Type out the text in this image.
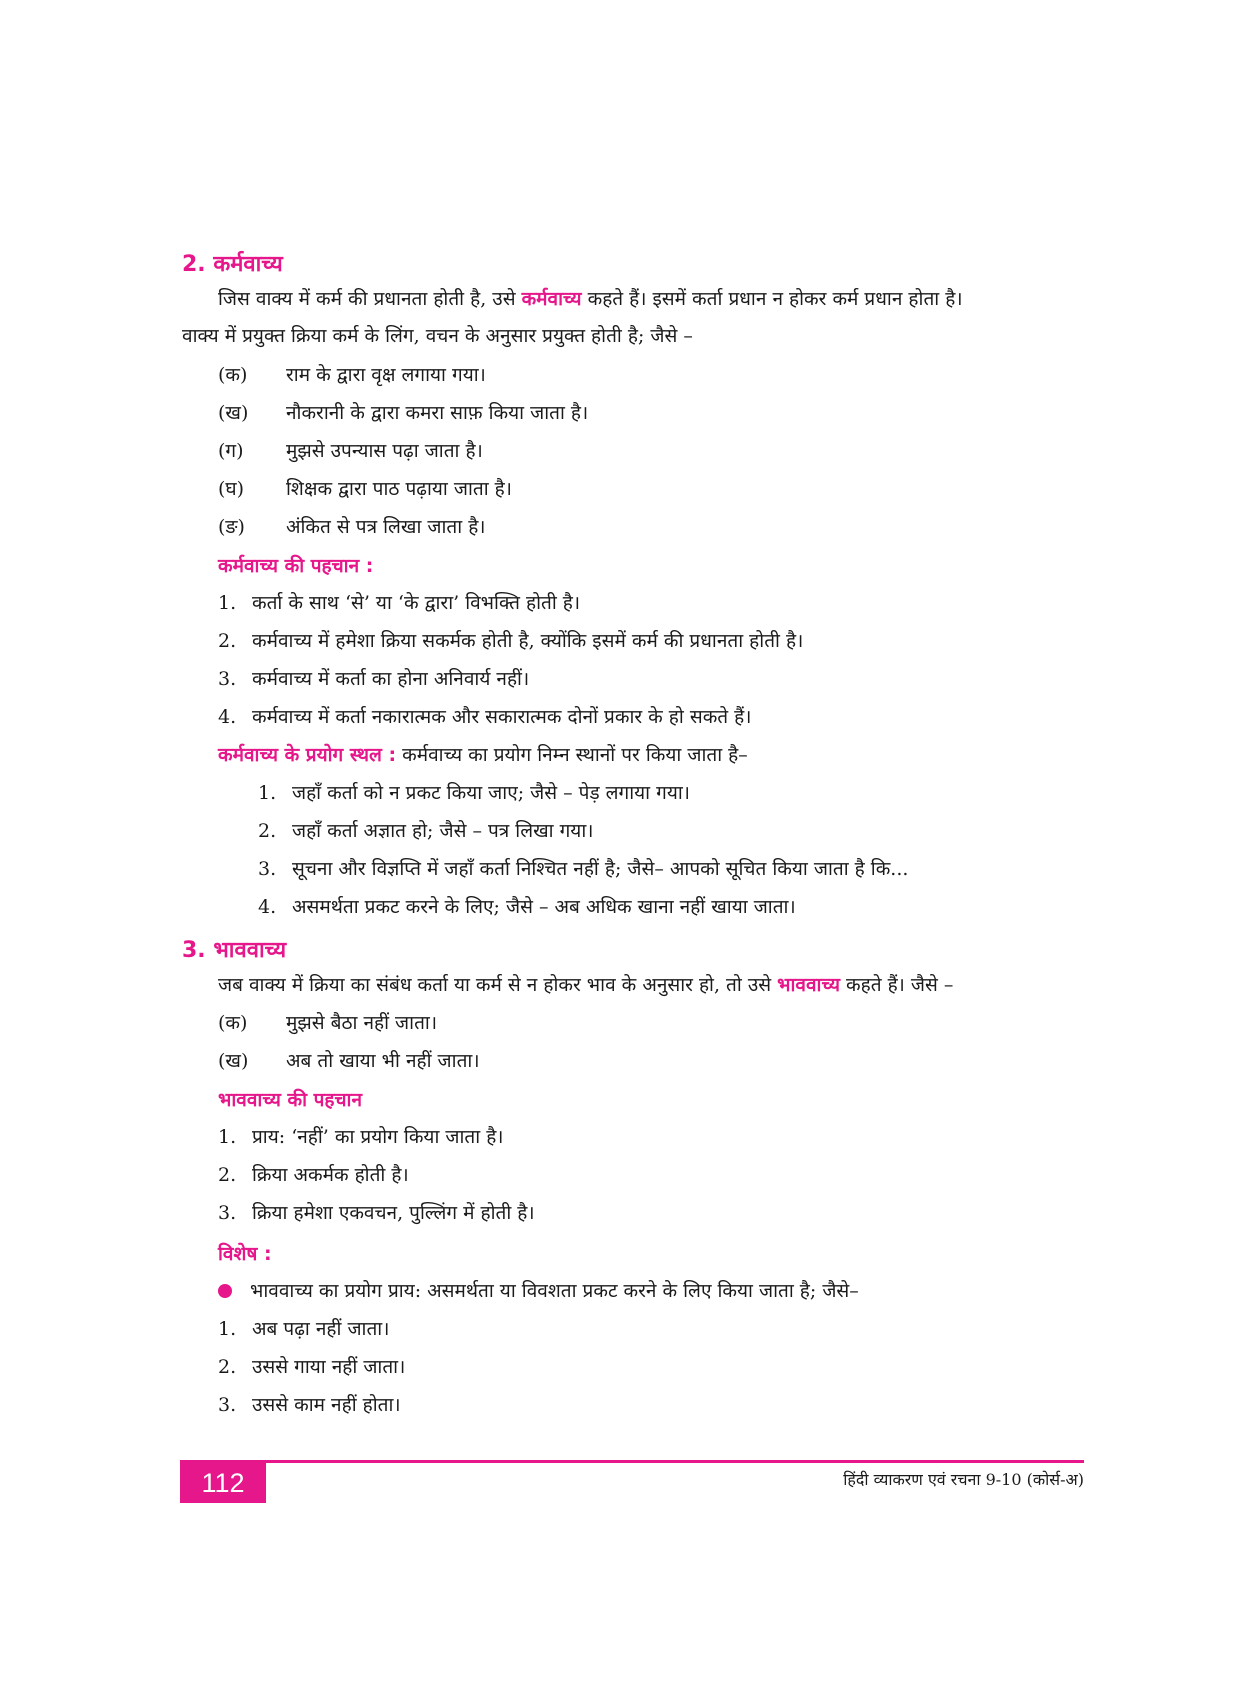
2. कर्मवाच्य
जिस वाक्य में कर्म की प्रधानता होती है, उसे कर्मवाच्य कहते हैं। इसमें कर्ता प्रधान न होकर कर्म प्रधान होता है।
वाक्य में प्रयुक्त क्रिया कर्म के लिंग, वचन के अनुसार प्रयुक्त होती है; जैसे –
(क) राम के द्वारा वृक्ष लगाया गया।
(ख) नौकरानी के द्वारा कमरा साफ़ किया जाता है।
(ग) मुझसे उपन्यास पढ़ा जाता है।
(घ) शिक्षक द्वारा पाठ पढ़ाया जाता है।
(ङ) अंकित से पत्र लिखा जाता है।
कर्मवाच्य की पहचान :
1. कर्ता के साथ ‘से’ या ‘के द्वारा’ विभक्ति होती है।
2. कर्मवाच्य में हमेशा क्रिया सकर्मक होती है, क्योंकि इसमें कर्म की प्रधानता होती है।
3. कर्मवाच्य में कर्ता का होना अनिवार्य नहीं।
4. कर्मवाच्य में कर्ता नकारात्मक और सकारात्मक दोनों प्रकार के हो सकते हैं।
कर्मवाच्य के प्रयोग स्थल : कर्मवाच्य का प्रयोग निम्न स्थानों पर किया जाता है–
1. जहाँ कर्ता को न प्रकट किया जाए; जैसे – पेड़ लगाया गया।
2. जहाँ कर्ता अज्ञात हो; जैसे – पत्र लिखा गया।
3. सूचना और विज्ञप्ति में जहाँ कर्ता निश्चित नहीं है; जैसे– आपको सूचित किया जाता है कि...
4. असमर्थता प्रकट करने के लिए; जैसे – अब अधिक खाना नहीं खाया जाता।
3. भाववाच्य
जब वाक्य में क्रिया का संबंध कर्ता या कर्म से न होकर भाव के अनुसार हो, तो उसे भाववाच्य कहते हैं। जैसे –
(क) मुझसे बैठा नहीं जाता।
(ख) अब तो खाया भी नहीं जाता।
भाववाच्य की पहचान
1. प्राय: ‘नहीं’ का प्रयोग किया जाता है।
2. क्रिया अकर्मक होती है।
3. क्रिया हमेशा एकवचन, पुल्लिंग में होती है।
विशेष :
भाववाच्य का प्रयोग प्राय: असमर्थता या विवशता प्रकट करने के लिए किया जाता है; जैसे–
1. अब पढ़ा नहीं जाता।
2. उससे गाया नहीं जाता।
3. उससे काम नहीं होता।
112	हिंदी व्याकरण एवं रचना 9-10 (कोर्स-अ)
